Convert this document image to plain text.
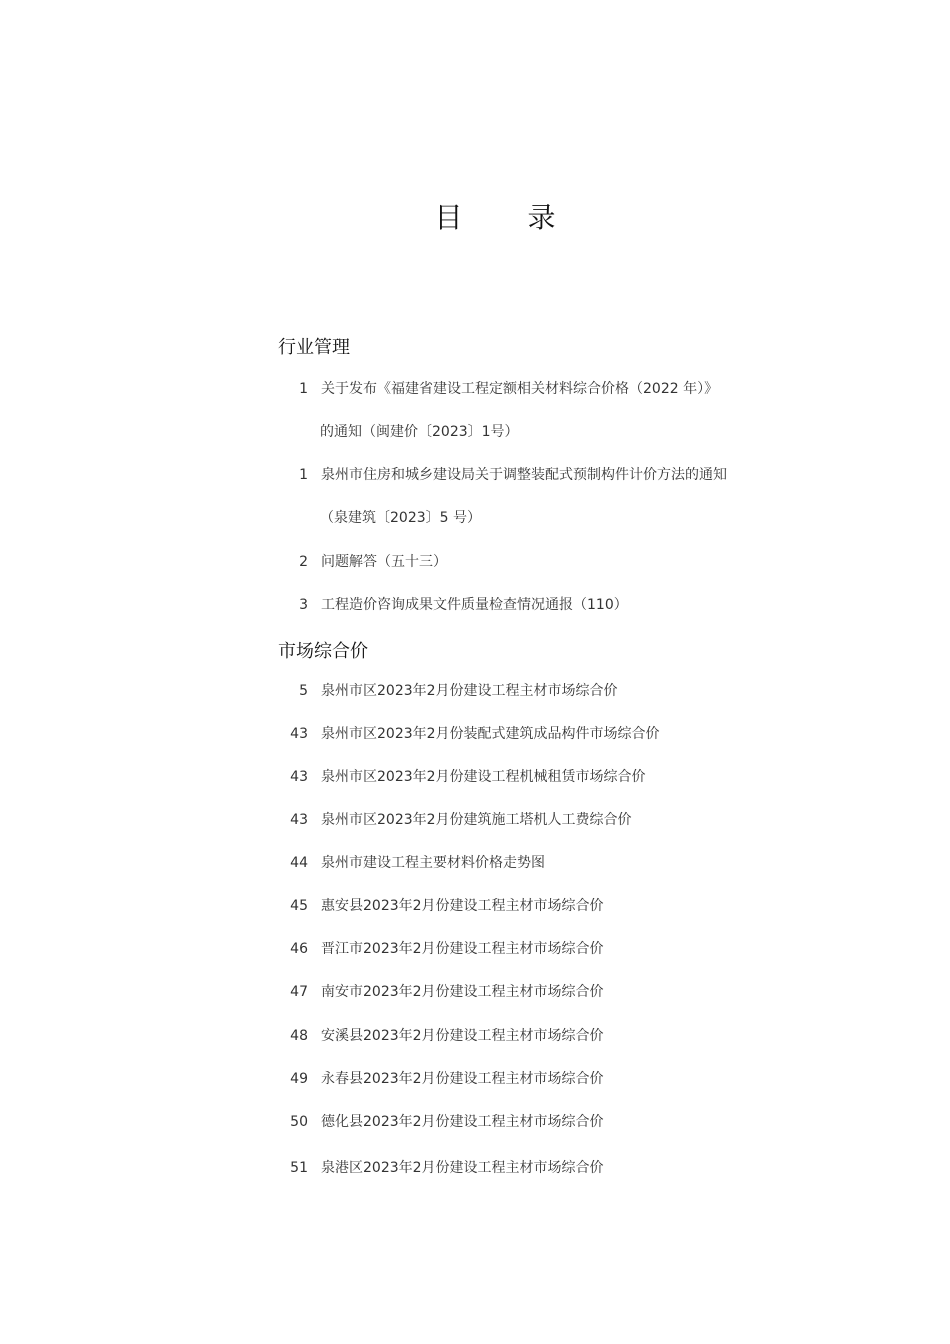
目 录
行业管理
1 关于发布《福建省建设工程定额相关材料综合价格（2022 年）》
的通知（闽建价〔2023〕1号）
1 泉州市住房和城乡建设局关于调整装配式预制构件计价方法的通知
（泉建筑〔2023〕5 号）
2 问题解答（五十三）
3 工程造价咨询成果文件质量检查情况通报（110）
市场综合价
5 泉州市区2023年2月份建设工程主材市场综合价
43 泉州市区2023年2月份装配式建筑成品构件市场综合价
43 泉州市区2023年2月份建设工程机械租赁市场综合价
43 泉州市区2023年2月份建筑施工塔机人工费综合价
44 泉州市建设工程主要材料价格走势图
45 惠安县2023年2月份建设工程主材市场综合价
46 晋江市2023年2月份建设工程主材市场综合价
47 南安市2023年2月份建设工程主材市场综合价
48 安溪县2023年2月份建设工程主材市场综合价
49 永春县2023年2月份建设工程主材市场综合价
50 德化县2023年2月份建设工程主材市场综合价
51 泉港区2023年2月份建设工程主材市场综合价
